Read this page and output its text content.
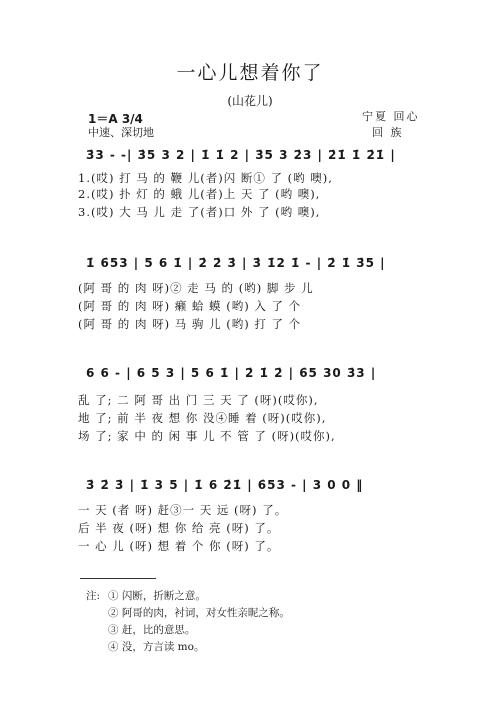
一心儿想着你了
(山花儿)
1＝A 3/4
中速、深切地
宁夏 回心
回 族
3̇3 - -| 3̇5 3 2 | 1̇ 1̇ 2 | 3̇5 3 2̇3 | 2̇1̇ 1̇ 2̇1̇ |
1.(哎) 打 马 的 鞭 儿(者)闪 断① 了 (哟 噢),
2.(哎) 扑 灯 的 蛾 儿(者)上 天 了 (哟 噢),
3.(哎) 大 马 儿 走 了(者)口 外 了 (哟 噢),
1̇ 6̇53 | 5 6 1̇ | 2̇ 2̇ 3̇ | 3̇ 1̇2 1̇ - | 2̇ 1̇ 3̇5 |
(阿 哥 的 肉 呀)② 走 马 的 (哟) 脚 步 儿
(阿 哥 的 肉 呀) 癞 蛤 蟆 (哟) 入 了 个
(阿 哥 的 肉 呀) 马 驹 儿 (哟) 打 了 个
6 6 - | 6 5 3 | 5 6 1̇ | 2̇ 1̇ 2̇ | 6̇5 30 3̇3 |
乱 了; 二 阿 哥 出 门 三 天 了 (呀)(哎你),
地 了; 前 半 夜 想 你 没④睡 着 (呀)(哎你),
场 了; 家 中 的 闲 事 儿 不 管 了 (呀)(哎你),
3̇ 2̇ 3̇ | 1̇ 3 5 | 1̇ 6 2̇1̇ | 6̇53 - | 3 0 0 ‖
一 天 (者 呀) 赶③一 天 远 (呀) 了。
后 半 夜 (呀) 想 你 给 亮 (呀) 了。
一 心 儿 (呀) 想 着 个 你 (呀) 了。
注: ① 闪断，折断之意。
② 阿哥的肉，衬词，对女性亲昵之称。
③ 赶，比的意思。
④ 没，方言读 mo。
